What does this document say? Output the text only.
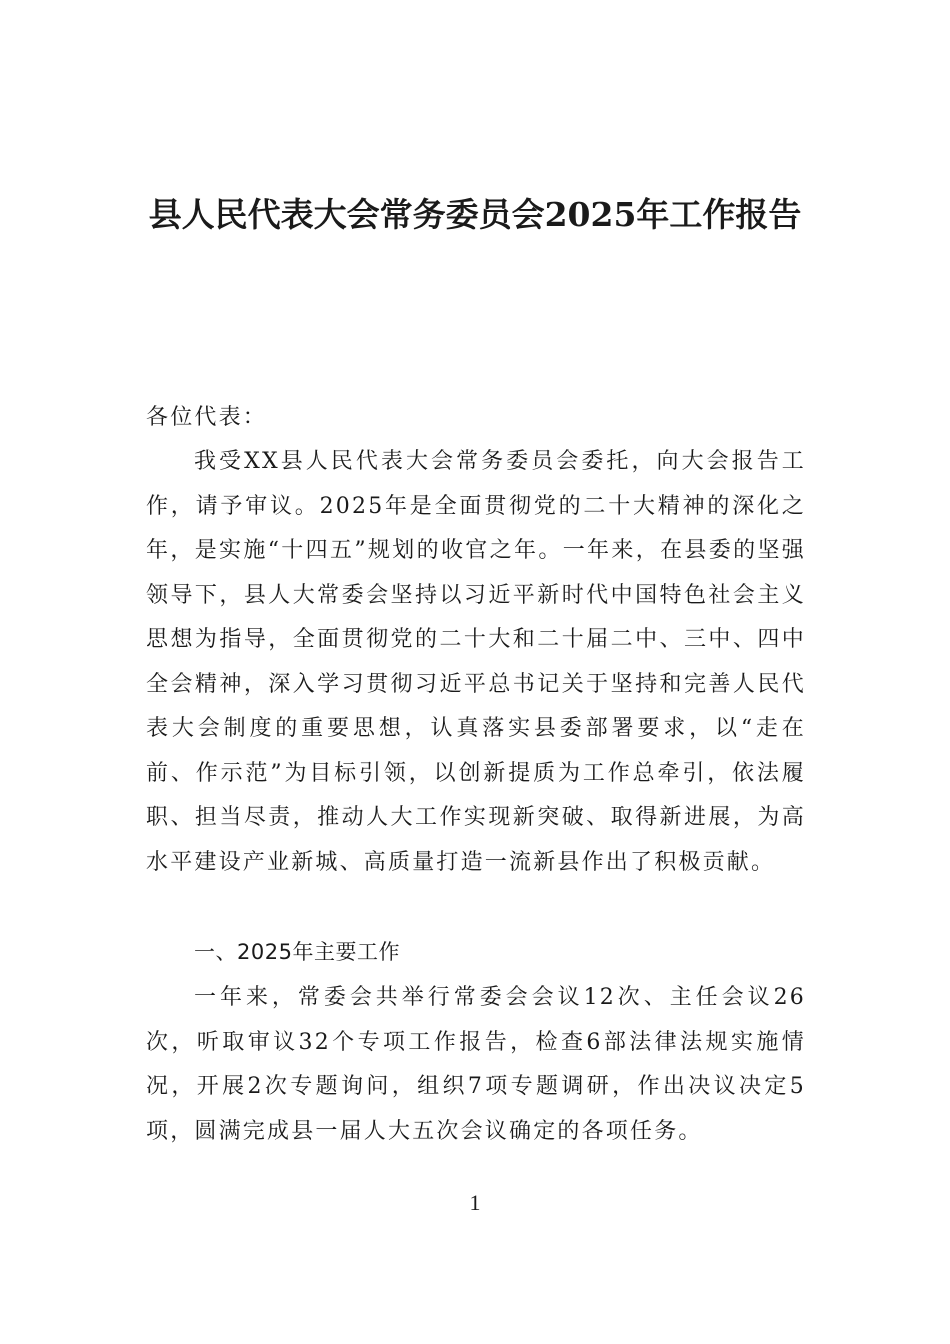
县人民代表大会常务委员会2025年工作报告
各位代表：
我受XX县人民代表大会常务委员会委托，向大会报告工作，请予审议。2025年是全面贯彻党的二十大精神的深化之年，是实施“十四五”规划的收官之年。一年来，在县委的坚强领导下，县人大常委会坚持以习近平新时代中国特色社会主义思想为指导，全面贯彻党的二十大和二十届二中、三中、四中全会精神，深入学习贯彻习近平总书记关于坚持和完善人民代表大会制度的重要思想，认真落实县委部署要求，以“走在前、作示范”为目标引领，以创新提质为工作总牵引，依法履职、担当尽责，推动人大工作实现新突破、取得新进展，为高水平建设产业新城、高质量打造一流新县作出了积极贡献。
一、2025年主要工作
一年来，常委会共举行常委会会议12次、主任会议26次，听取审议32个专项工作报告，检查6部法律法规实施情况，开展2次专题询问，组织7项专题调研，作出决议决定5项，圆满完成县一届人大五次会议确定的各项任务。
1
